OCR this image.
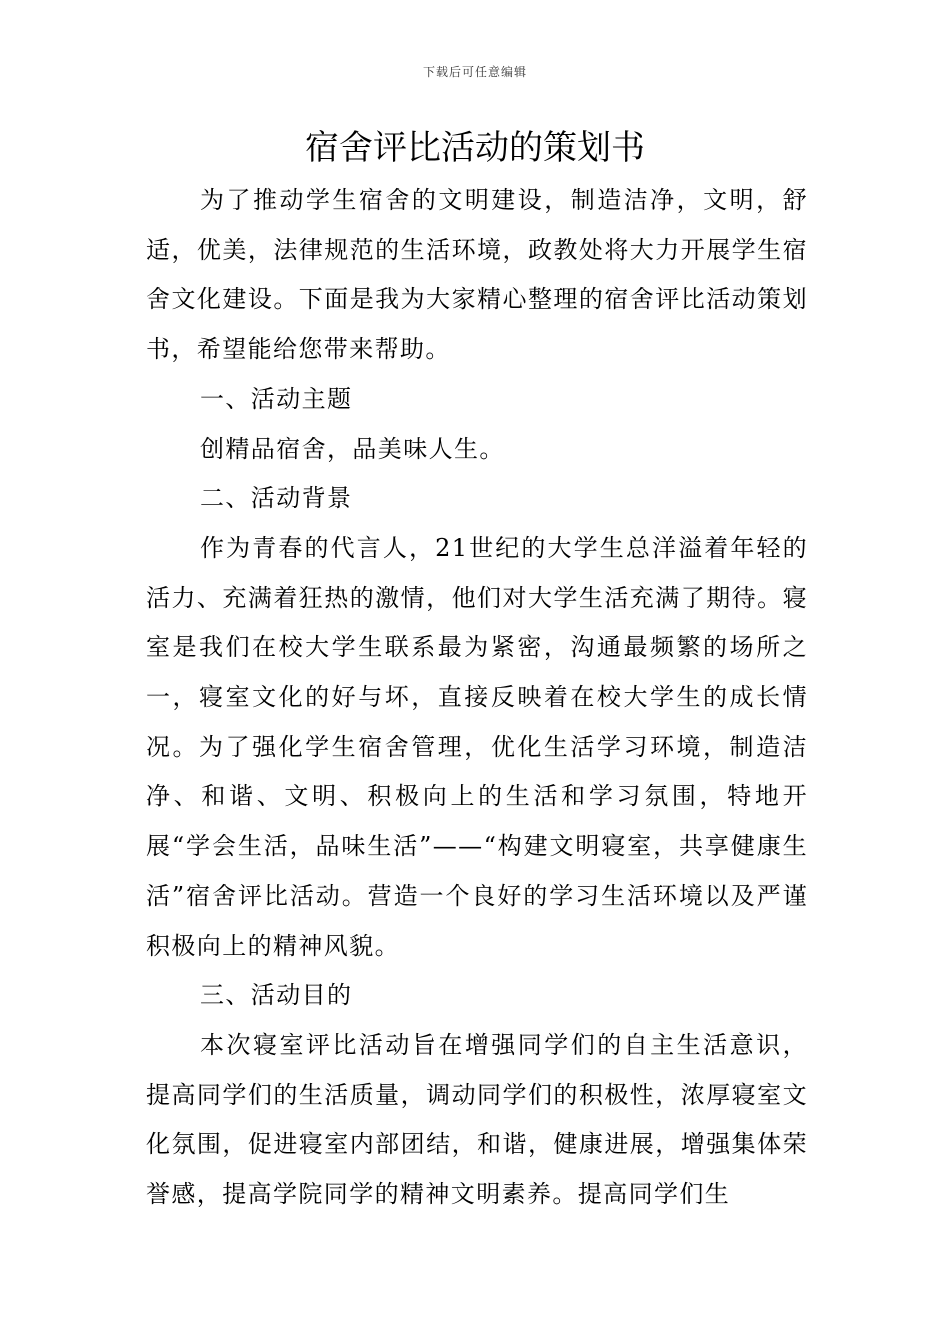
下载后可任意编辑
宿舍评比活动的策划书

为了推动学生宿舍的文明建设，制造洁净，文明，舒适，优美，法律规范的生活环境，政教处将大力开展学生宿舍文化建设。下面是我为大家精心整理的宿舍评比活动策划书，希望能给您带来帮助。

一、活动主题

创精品宿舍，品美味人生。

二、活动背景

作为青春的代言人，21世纪的大学生总洋溢着年轻的活力、充满着狂热的激情，他们对大学生活充满了期待。寝室是我们在校大学生联系最为紧密，沟通最频繁的场所之一，寝室文化的好与坏，直接反映着在校大学生的成长情况。为了强化学生宿舍管理，优化生活学习环境，制造洁净、和谐、文明、积极向上的生活和学习氛围，特地开展“学会生活，品味生活”——“构建文明寝室，共享健康生活”宿舍评比活动。营造一个良好的学习生活环境以及严谨积极向上的精神风貌。

三、活动目的

本次寝室评比活动旨在增强同学们的自主生活意识，提高同学们的生活质量，调动同学们的积极性，浓厚寝室文化氛围，促进寝室内部团结，和谐，健康进展，增强集体荣誉感，提高学院同学的精神文明素养。提高同学们生
